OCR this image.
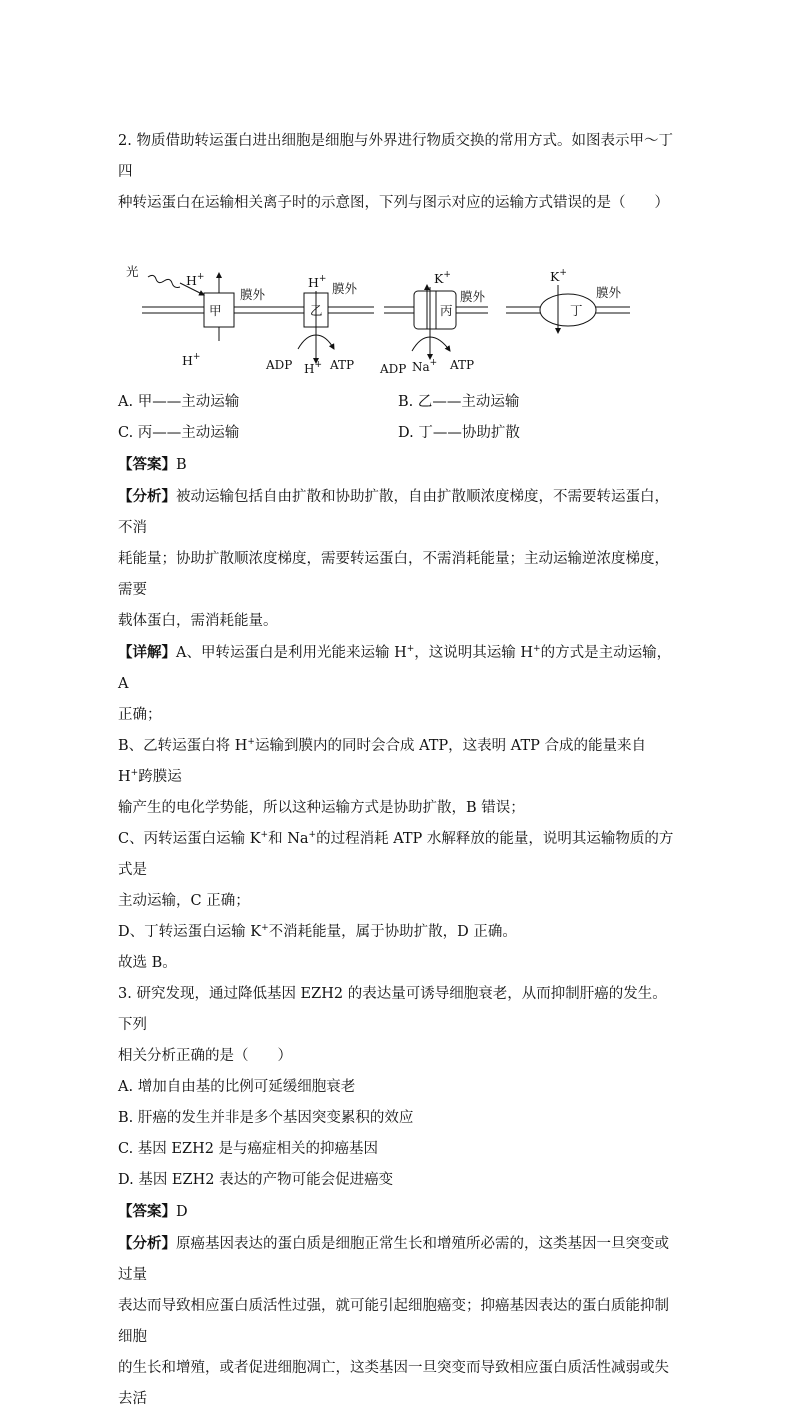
2. 物质借助转运蛋白进出细胞是细胞与外界进行物质交换的常用方式。如图表示甲～丁四

种转运蛋白在运输相关离子时的示意图，下列与图示对应的运输方式错误的是（　　）

甲
膜外
光
H+
H+
乙
膜外
H+
ADP H+ ATP
丙
膜外
K+
ADP Na+ ATP
丁
膜外
K+
A. 甲——主动运输	B. 乙——主动运输
C. 丙——主动运输	D. 丁——协助扩散

【答案】B

【分析】被动运输包括自由扩散和协助扩散，自由扩散顺浓度梯度，不需要转运蛋白，不消

耗能量；协助扩散顺浓度梯度，需要转运蛋白，不需消耗能量；主动运输逆浓度梯度，需要

载体蛋白，需消耗能量。

【详解】A、甲转运蛋白是利用光能来运输 H+，这说明其运输 H+的方式是主动运输，A

正确；

B、乙转运蛋白将 H+运输到膜内的同时会合成 ATP，这表明 ATP 合成的能量来自 H+跨膜运

输产生的电化学势能，所以这种运输方式是协助扩散，B 错误；

C、丙转运蛋白运输 K+和 Na+的过程消耗 ATP 水解释放的能量，说明其运输物质的方式是

主动运输，C 正确；

D、丁转运蛋白运输 K+不消耗能量，属于协助扩散，D 正确。

故选 B。

3. 研究发现，通过降低基因 EZH2 的表达量可诱导细胞衰老，从而抑制肝癌的发生。下列

相关分析正确的是（　　）

A. 增加自由基的比例可延缓细胞衰老

B. 肝癌的发生并非是多个基因突变累积的效应

C. 基因 EZH2 是与癌症相关的抑癌基因

D. 基因 EZH2 表达的产物可能会促进癌变

【答案】D

【分析】原癌基因表达的蛋白质是细胞正常生长和增殖所必需的，这类基因一旦突变或过量

表达而导致相应蛋白质活性过强，就可能引起细胞癌变；抑癌基因表达的蛋白质能抑制细胞

的生长和增殖，或者促进细胞凋亡，这类基因一旦突变而导致相应蛋白质活性减弱或失去活
